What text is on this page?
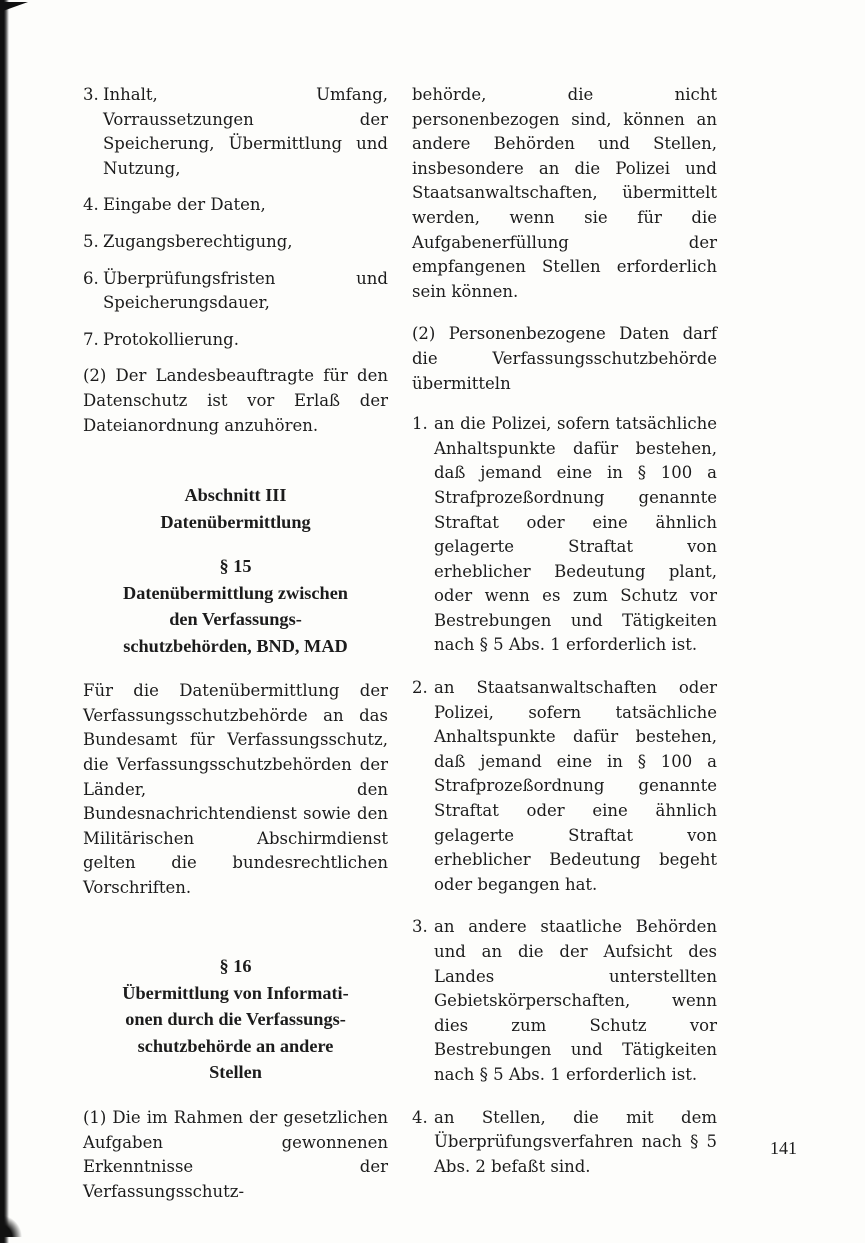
3. Inhalt, Umfang, Vorraussetzungen der Speicherung, Übermittlung und Nutzung,
4. Eingabe der Daten,
5. Zugangsberechtigung,
6. Überprüfungsfristen und Speicherungsdauer,
7. Protokollierung.

(2) Der Landesbeauftragte für den Datenschutz ist vor Erlaß der Dateianordnung anzuhören.

Abschnitt III
Datenübermittlung
§ 15
Datenübermittlung zwischen
den Verfassungs-
schutzbehörden, BND, MAD

Für die Datenübermittlung der Verfassungsschutzbehörde an das Bundesamt für Verfassungsschutz, die Verfassungsschutzbehörden der Länder, den Bundesnachrichtendienst sowie den Militärischen Abschirmdienst gelten die bundesrechtlichen Vorschriften.

§ 16
Übermittlung von Informati-
onen durch die Verfassungs-
schutzbehörde an andere
Stellen

(1) Die im Rahmen der gesetzlichen Aufgaben gewonnenen Erkenntnisse der Verfassungsschutz-

behörde, die nicht personenbezogen sind, können an andere Behörden und Stellen, insbesondere an die Polizei und Staatsanwaltschaften, übermittelt werden, wenn sie für die Aufgabenerfüllung der empfangenen Stellen erforderlich sein können.

(2) Personenbezogene Daten darf die Verfassungsschutzbehörde übermitteln

1. an die Polizei, sofern tatsächliche Anhaltspunkte dafür bestehen, daß jemand eine in § 100 a Strafprozeßordnung genannte Straftat oder eine ähnlich gelagerte Straftat von erheblicher Bedeutung plant, oder wenn es zum Schutz vor Bestrebungen und Tätigkeiten nach § 5 Abs. 1 erforderlich ist.
2. an Staatsanwaltschaften oder Polizei, sofern tatsächliche Anhaltspunkte dafür bestehen, daß jemand eine in § 100 a Strafprozeßordnung genannte Straftat oder eine ähnlich gelagerte Straftat von erheblicher Bedeutung begeht oder begangen hat.
3. an andere staatliche Behörden und an die der Aufsicht des Landes unterstellten Gebietskörperschaften, wenn dies zum Schutz vor Bestrebungen und Tätigkeiten nach § 5 Abs. 1 erforderlich ist.
4. an Stellen, die mit dem Überprüfungsverfahren nach § 5 Abs. 2 befaßt sind.
141
